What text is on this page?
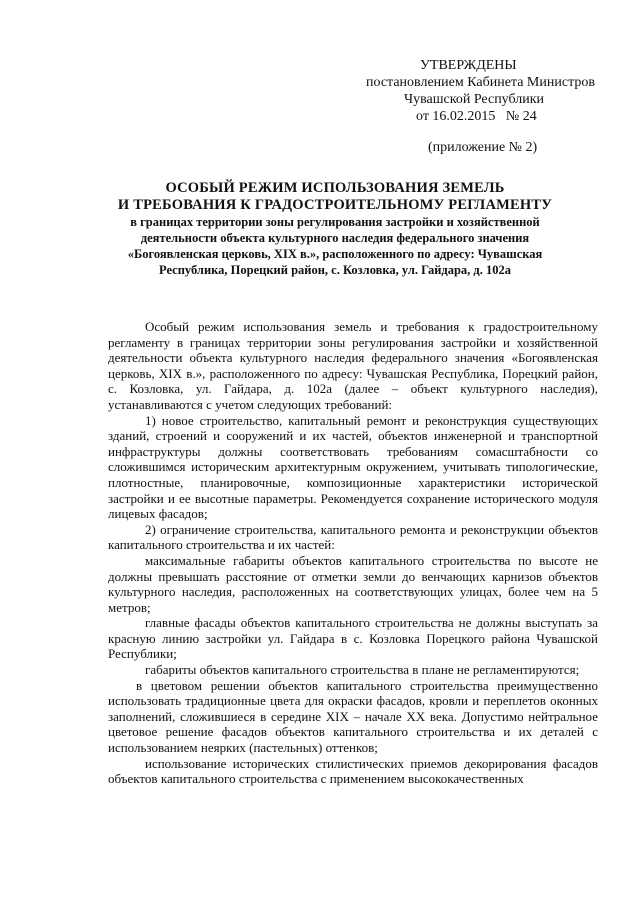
УТВЕРЖДЕНЫ
постановлением Кабинета Министров
Чувашской Республики
от 16.02.2015   № 24
(приложение № 2)
ОСОБЫЙ РЕЖИМ ИСПОЛЬЗОВАНИЯ ЗЕМЕЛЬ
И ТРЕБОВАНИЯ К ГРАДОСТРОИТЕЛЬНОМУ РЕГЛАМЕНТУ
в границах территории зоны регулирования застройки и хозяйственной деятельности объекта культурного наследия федерального значения «Богоявленская церковь, XIX в.», расположенного по адресу: Чувашская Республика, Порецкий район, с. Козловка, ул. Гайдара, д. 102а

Особый режим использования земель и требования к градостроительному регламенту в границах территории зоны регулирования застройки и хозяйственной деятельности объекта культурного наследия федерального значения «Богоявленская церковь, XIX в.», расположенного по адресу: Чувашская Республика, Порецкий район, с. Козловка, ул. Гайдара, д. 102а (далее – объект культурного наследия), устанавливаются с учетом следующих требований:

1) новое строительство, капитальный ремонт и реконструкция существующих зданий, строений и сооружений и их частей, объектов инженерной и транспортной инфраструктуры должны соответствовать требованиям сомасштабности со сложившимся историческим архитектурным окружением, учитывать типологические, плотностные, планировочные, композиционные характеристики исторической застройки и ее высотные параметры. Рекомендуется сохранение исторического модуля лицевых фасадов;

2) ограничение строительства, капитального ремонта и реконструкции объектов капитального строительства и их частей:

максимальные габариты объектов капитального строительства по высоте не должны превышать расстояние от отметки земли до венчающих карнизов объектов культурного наследия, расположенных на соответствующих улицах, более чем на 5 метров;

главные фасады объектов капитального строительства не должны выступать за красную линию застройки ул. Гайдара в с. Козловка Порецкого района Чувашской Республики;

габариты объектов капитального строительства в плане не регламентируются;

в цветовом решении объектов капитального строительства преимущественно использовать традиционные цвета для окраски фасадов, кровли и переплетов оконных заполнений, сложившиеся в середине XIX – начале XX века. Допустимо нейтральное цветовое решение фасадов объектов капитального строительства и их деталей с использованием неярких (пастельных) оттенков;

использование исторических стилистических приемов декорирования фасадов объектов капитального строительства с применением высококачественных
